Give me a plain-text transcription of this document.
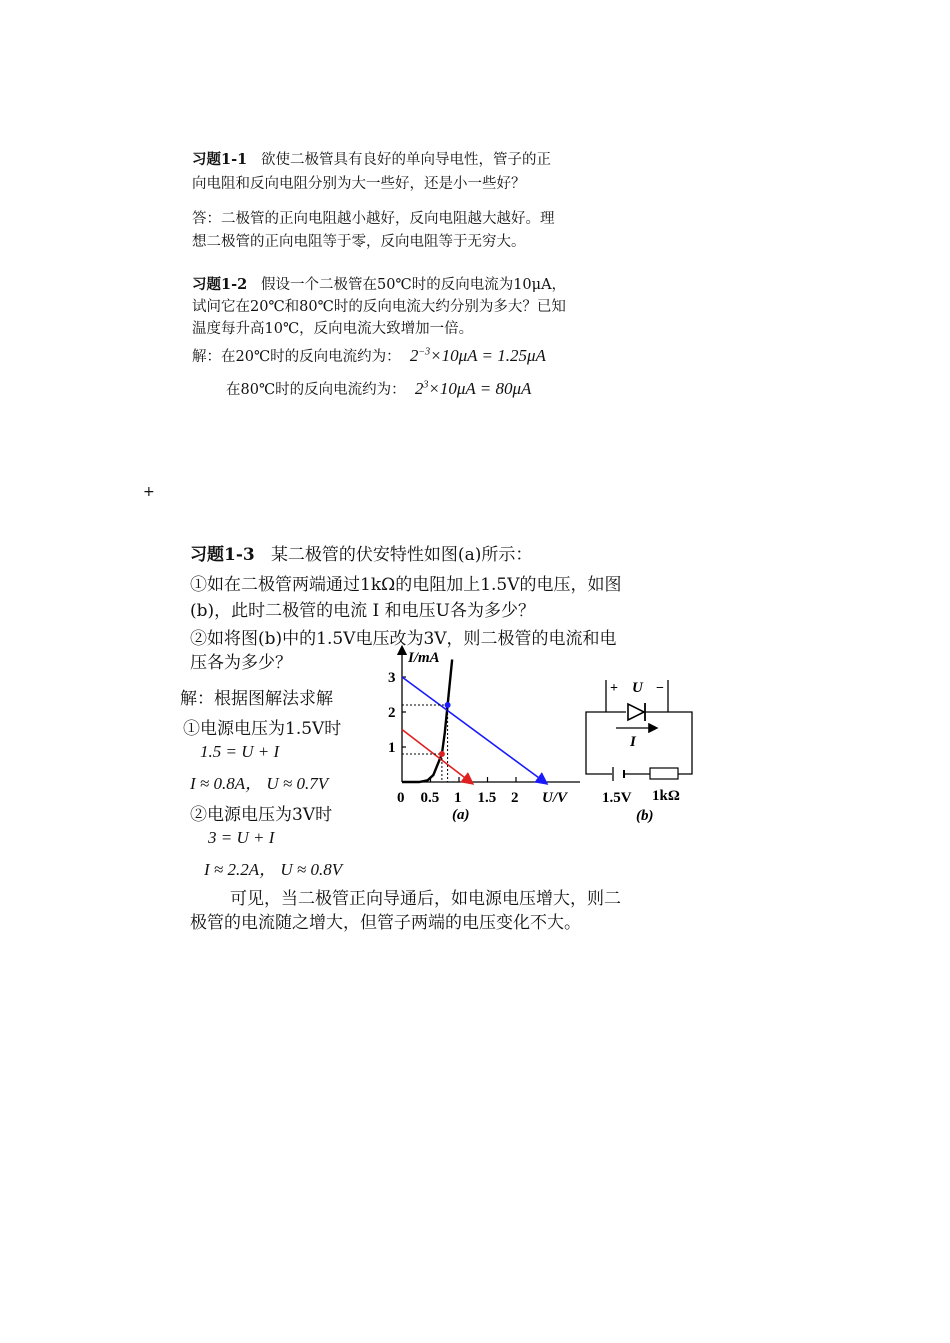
习题1-1 欲使二极管具有良好的单向导电性，管子的正
向电阻和反向电阻分别为大一些好，还是小一些好？
答：二极管的正向电阻越小越好，反向电阻越大越好。理
想二极管的正向电阻等于零，反向电阻等于无穷大。
习题1-2 假设一个二极管在50℃时的反向电流为10μA，
试问它在20℃和80℃时的反向电流大约分别为多大？已知
温度每升高10℃，反向电流大致增加一倍。
解：在20℃时的反向电流约为： $2^{-3}\times 10\mu A = 1.25\mu A$
在80℃时的反向电流约为： $2^3\times 10\mu A = 80\mu A$
+
习题1-3 某二极管的伏安特性如图(a)所示：
①如在二极管两端通过1kΩ的电阻加上1.5V的电压，如图
(b)，此时二极管的电流 I 和电压U各为多少？
②如将图(b)中的1.5V电压改为3V，则二极管的电流和电
压各为多少？
解：根据图解法求解
①电源电压为1.5V时
1.5 = U + I
I ≈ 0.8A， U ≈ 0.7V
②电源电压为3V时
3 = U + I
I ≈ 2.2A， U ≈ 0.8V
可见，当二极管正向导通后，如电源电压增大，则二
极管的电流随之增大，但管子两端的电压变化不大。
I/mA
U/V
(a)
0 0.5 1 1.5 2
1
2
3
+ U −
I
1.5V 1kΩ
(b)
